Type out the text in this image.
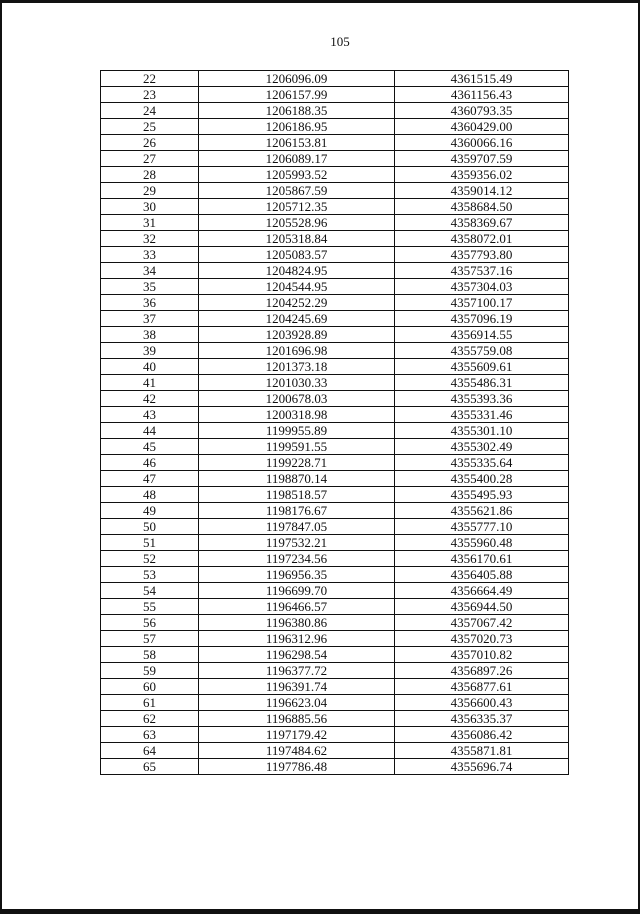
105
22	1206096.09	4361515.49
23	1206157.99	4361156.43
24	1206188.35	4360793.35
25	1206186.95	4360429.00
26	1206153.81	4360066.16
27	1206089.17	4359707.59
28	1205993.52	4359356.02
29	1205867.59	4359014.12
30	1205712.35	4358684.50
31	1205528.96	4358369.67
32	1205318.84	4358072.01
33	1205083.57	4357793.80
34	1204824.95	4357537.16
35	1204544.95	4357304.03
36	1204252.29	4357100.17
37	1204245.69	4357096.19
38	1203928.89	4356914.55
39	1201696.98	4355759.08
40	1201373.18	4355609.61
41	1201030.33	4355486.31
42	1200678.03	4355393.36
43	1200318.98	4355331.46
44	1199955.89	4355301.10
45	1199591.55	4355302.49
46	1199228.71	4355335.64
47	1198870.14	4355400.28
48	1198518.57	4355495.93
49	1198176.67	4355621.86
50	1197847.05	4355777.10
51	1197532.21	4355960.48
52	1197234.56	4356170.61
53	1196956.35	4356405.88
54	1196699.70	4356664.49
55	1196466.57	4356944.50
56	1196380.86	4357067.42
57	1196312.96	4357020.73
58	1196298.54	4357010.82
59	1196377.72	4356897.26
60	1196391.74	4356877.61
61	1196623.04	4356600.43
62	1196885.56	4356335.37
63	1197179.42	4356086.42
64	1197484.62	4355871.81
65	1197786.48	4355696.74
